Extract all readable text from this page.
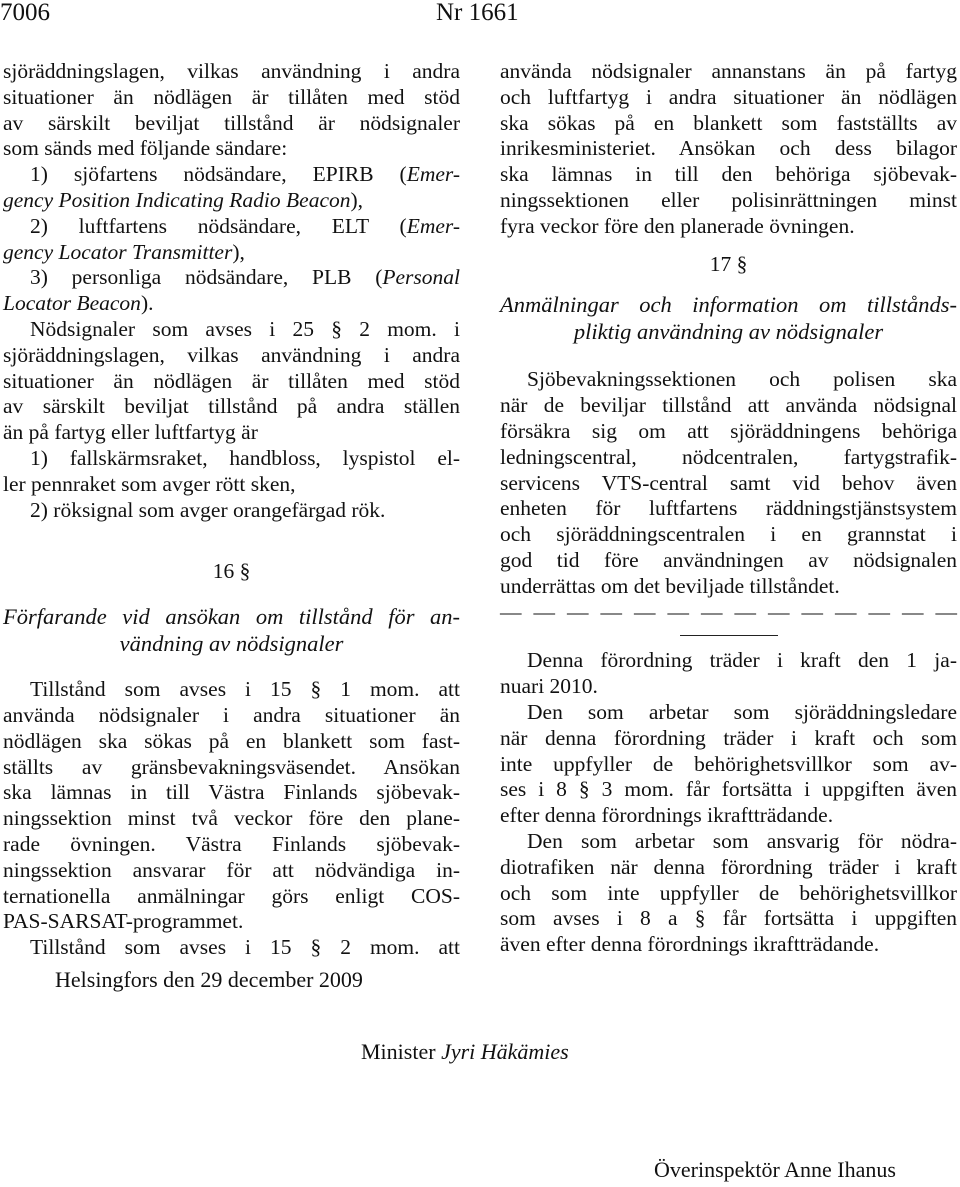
7006	Nr 1661

sjöräddningslagen, vilkas användning i andra

situationer än nödlägen är tillåten med stöd

av särskilt beviljat tillstånd är nödsignaler

som sänds med följande sändare:

1) sjöfartens nödsändare, EPIRB (Emer-

gency Position Indicating Radio Beacon),

2) luftfartens nödsändare, ELT (Emer-

gency Locator Transmitter),

3) personliga nödsändare, PLB (Personal

Locator Beacon).

Nödsignaler som avses i 25 § 2 mom. i

sjöräddningslagen, vilkas användning i andra

situationer än nödlägen är tillåten med stöd

av särskilt beviljat tillstånd på andra ställen

än på fartyg eller luftfartyg är

1) fallskärmsraket, handbloss, lyspistol el-

ler pennraket som avger rött sken,

2) röksignal som avger orangefärgad rök.

16 §

Förfarande vid ansökan om tillstånd för an-

vändning av nödsignaler

Tillstånd som avses i 15 § 1 mom. att

använda nödsignaler i andra situationer än

nödlägen ska sökas på en blankett som fast-

ställts av gränsbevakningsväsendet. Ansökan

ska lämnas in till Västra Finlands sjöbevak-

ningssektion minst två veckor före den plane-

rade övningen. Västra Finlands sjöbevak-

ningssektion ansvarar för att nödvändiga in-

ternationella anmälningar görs enligt COS-

PAS-SARSAT-programmet.

Tillstånd som avses i 15 § 2 mom. att

använda nödsignaler annanstans än på fartyg

och luftfartyg i andra situationer än nödlägen

ska sökas på en blankett som fastställts av

inrikesministeriet. Ansökan och dess bilagor

ska lämnas in till den behöriga sjöbevak-

ningssektionen eller polisinrättningen minst

fyra veckor före den planerade övningen.

17 §

Anmälningar och information om tillstånds-

pliktig användning av nödsignaler

Sjöbevakningssektionen och polisen ska

när de beviljar tillstånd att använda nödsignal

försäkra sig om att sjöräddningens behöriga

ledningscentral, nödcentralen, fartygstrafik-

servicens VTS-central samt vid behov även

enheten för luftfartens räddningstjänstsystem

och sjöräddningscentralen i en grannstat i

god tid före användningen av nödsignalen

underrättas om det beviljade tillståndet.

— — — — — — — — — — — — — —

Denna förordning träder i kraft den 1 ja-

nuari 2010.

Den som arbetar som sjöräddningsledare

när denna förordning träder i kraft och som

inte uppfyller de behörighetsvillkor som av-

ses i 8 § 3 mom. får fortsätta i uppgiften även

efter denna förordnings ikraftträdande.

Den som arbetar som ansvarig för nödra-

diotrafiken när denna förordning träder i kraft

och som inte uppfyller de behörighetsvillkor

som avses i 8 a § får fortsätta i uppgiften

även efter denna förordnings ikraftträdande.

Helsingfors den 29 december 2009
Minister Jyri Häkämies
Överinspektör Anne Ihanus
